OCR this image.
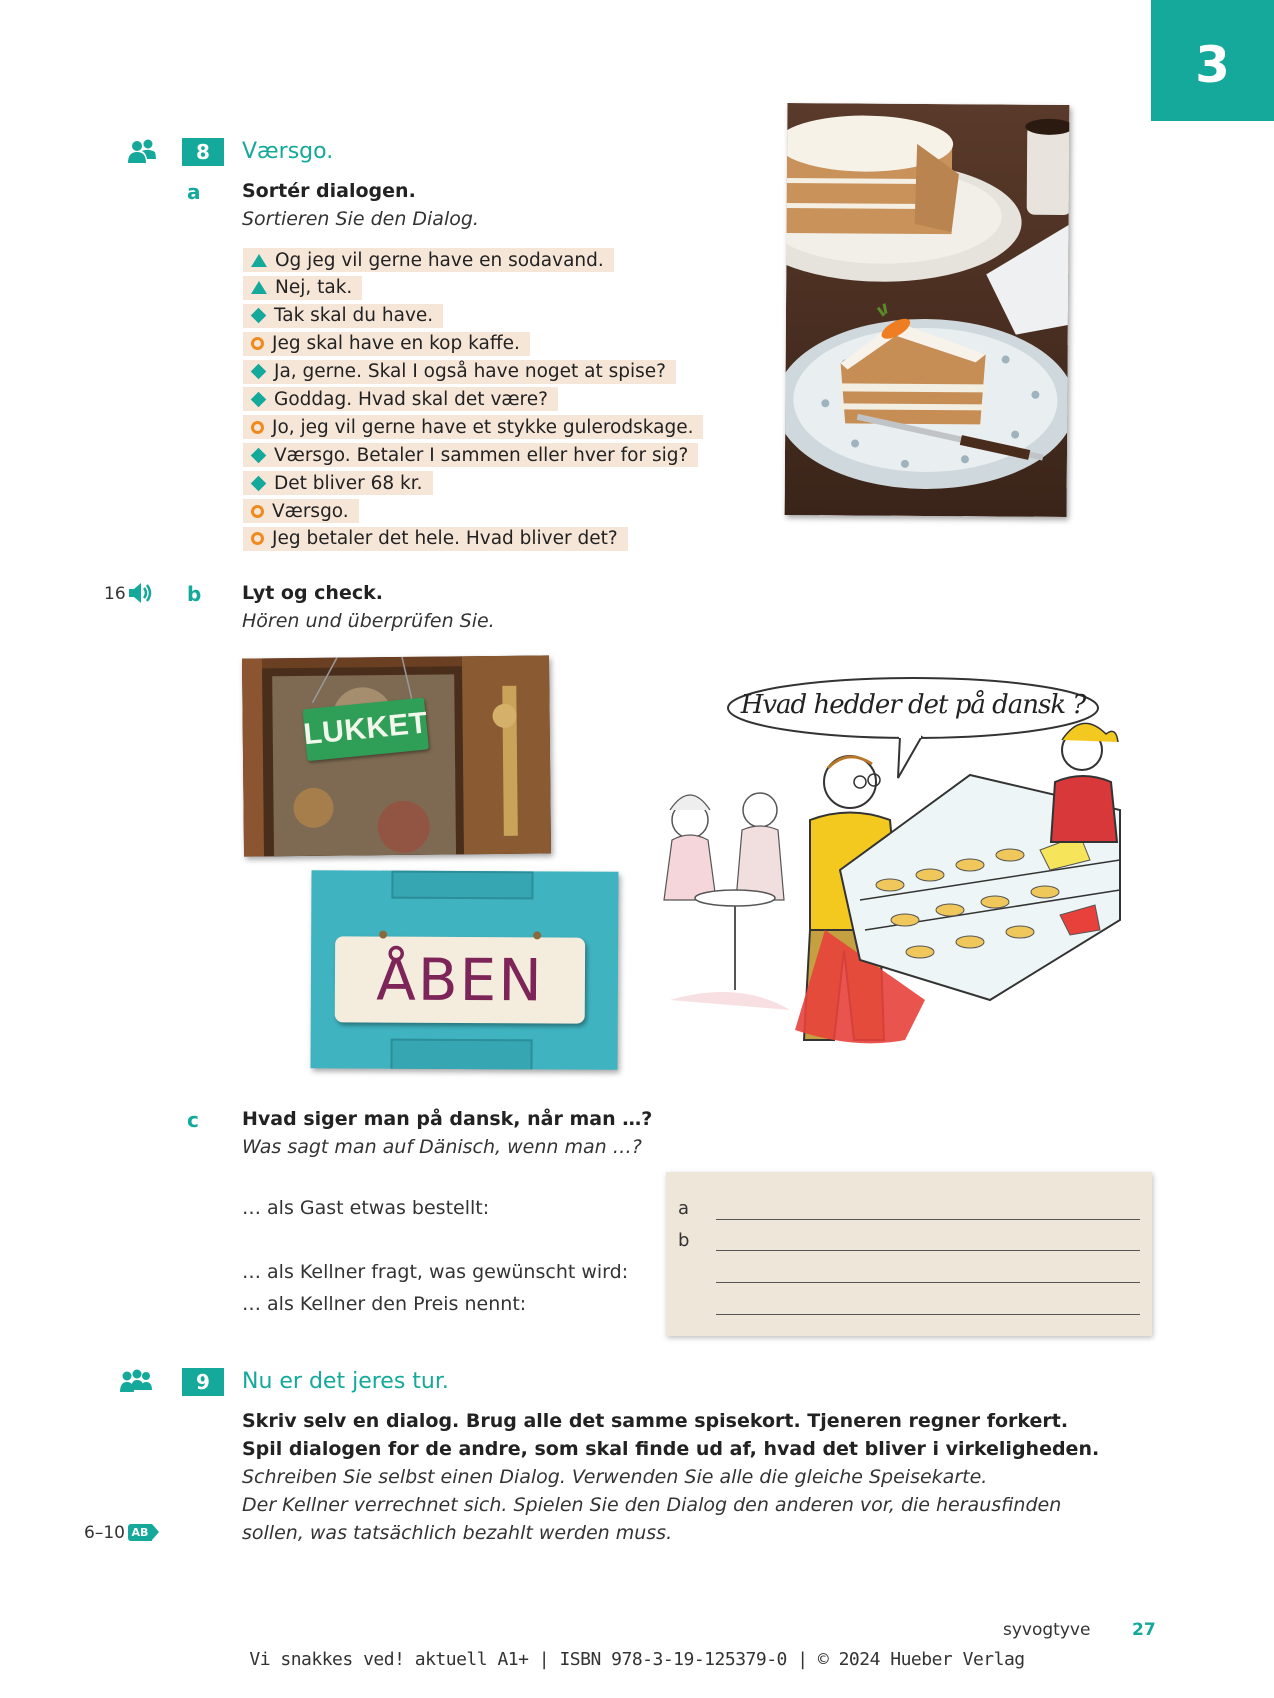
3
8	Værsgo.
a Sortér dialogen.
Sortieren Sie den Dialog.
Og jeg vil gerne have en sodavand.
Nej, tak.
Tak skal du have.
Jeg skal have en kop kaffe.
Ja, gerne. Skal I også have noget at spise?
Goddag. Hvad skal det være?
Jo, jeg vil gerne have et stykke gulerodskage.
Værsgo. Betaler I sammen eller hver for sig?
Det bliver 68 kr.
Værsgo.
Jeg betaler det hele. Hvad bliver det?
16	b Lyt og check.
Hören und überprüfen Sie.
LUKKET
ÅBEN
Hvad hedder det på dansk ?
c Hvad siger man på dansk, når man …?
Was sagt man auf Dänisch, wenn man …?
… als Gast etwas bestellt:
… als Kellner fragt, was gewünscht wird:
… als Kellner den Preis nennt:
a
b
9	Nu er det jeres tur.
Skriv selv en dialog. Brug alle det samme spisekort. Tjeneren regner forkert.
Spil dialogen for de andre, som skal finde ud af, hvad det bliver i virkeligheden.
Schreiben Sie selbst einen Dialog. Verwenden Sie alle die gleiche Speisekarte.
Der Kellner verrechnet sich. Spielen Sie den Dialog den anderen vor, die herausfinden
sollen, was tatsächlich bezahlt werden muss.
6–10 AB
syvogtyve 27
Vi snakkes ved! aktuell A1+ | ISBN 978-3-19-125379-0 | © 2024 Hueber Verlag
